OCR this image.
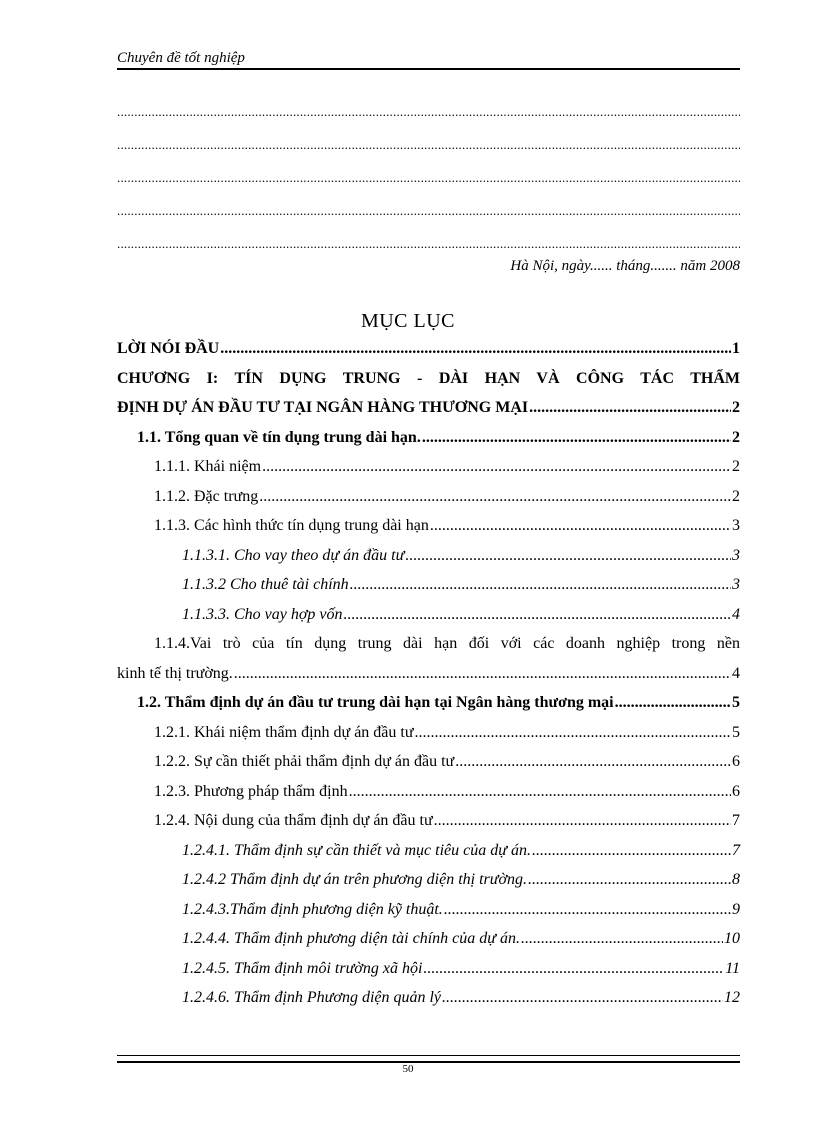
Chuyên đề tốt nghiệp
.....
.....
.....
.....
.....
Hà Nội, ngày...... tháng....... năm 2008
MỤC LỤC
LỜI NÓI ĐẦU .....	1
CHƯƠNG I: TÍN DỤNG TRUNG - DÀI HẠN VÀ CÔNG TÁC THẨM
ĐỊNH DỰ ÁN ĐẦU TƯ TẠI NGÂN HÀNG THƯƠNG MẠI .....	2
1.1. Tổng quan về tín dụng trung dài hạn. .....	2
1.1.1. Khái niệm .....	2
1.1.2. Đặc trưng .....	2
1.1.3. Các hình thức tín dụng trung dài hạn .....	3
1.1.3.1. Cho vay theo dự án đầu tư .....	3
1.1.3.2 Cho thuê tài chính .....	3
1.1.3.3. Cho vay hợp vốn .....	4
1.1.4.Vai trò của tín dụng trung dài hạn đối với các doanh nghiệp trong nền
kinh tế thị trường. .....	4
1.2. Thẩm định dự án đầu tư trung dài hạn tại Ngân hàng thương mại .....	5
1.2.1. Khái niệm thẩm định dự án đầu tư .....	5
1.2.2. Sự cần thiết phải thẩm định dự án đầu tư .....	6
1.2.3. Phương pháp thẩm định .....	6
1.2.4. Nội dung của thẩm định dự án đầu tư .....	7
1.2.4.1. Thẩm định sự cần thiết và mục tiêu của dự án. .....	7
1.2.4.2 Thẩm định dự án trên phương diện thị trường. .....	8
1.2.4.3.Thẩm định phương diện kỹ thuật. .....	9
1.2.4.4. Thẩm định phương diện tài chính của dự án. .....	10
1.2.4.5. Thẩm định môi trường xã hội .....	11
1.2.4.6. Thẩm định Phương diện quản lý .....	12
50
